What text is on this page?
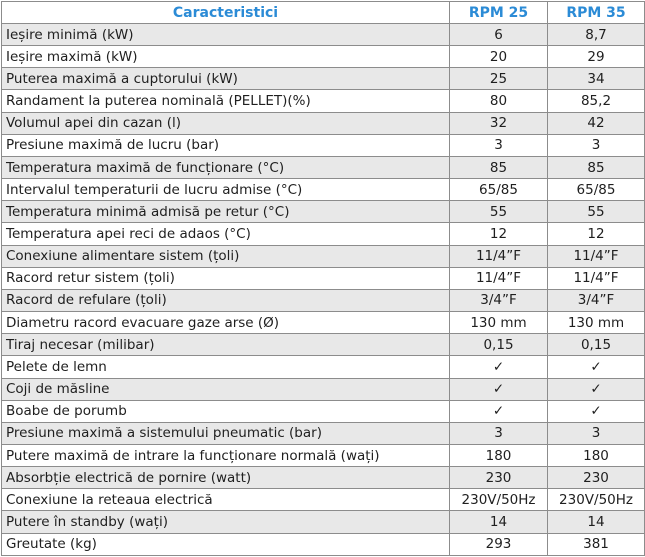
Caracteristici	RPM 25	RPM 35
Ieșire minimă (kW)	6	8,7
Ieșire maximă (kW)	20	29
Puterea maximă a cuptorului (kW)	25	34
Randament la puterea nominală (PELLET)(%)	80	85,2
Volumul apei din cazan (l)	32	42
Presiune maximă de lucru (bar)	3	3
Temperatura maximă de funcționare (°C)	85	85
Intervalul temperaturii de lucru admise (°C)	65/85	65/85
Temperatura minimă admisă pe retur (°C)	55	55
Temperatura apei reci de adaos (°C)	12	12
Conexiune alimentare sistem (țoli)	11/4”F	11/4”F
Racord retur sistem (țoli)	11/4”F	11/4”F
Racord de refulare (țoli)	3/4”F	3/4”F
Diametru racord evacuare gaze arse (Ø)	130 mm	130 mm
Tiraj necesar (milibar)	0,15	0,15
Pelete de lemn	✓	✓
Coji de măsline	✓	✓
Boabe de porumb	✓	✓
Presiune maximă a sistemului pneumatic (bar)	3	3
Putere maximă de intrare la funcționare normală (wați)	180	180
Absorbție electrică de pornire (watt)	230	230
Conexiune la reteaua electrică	230V/50Hz	230V/50Hz
Putere în standby (wați)	14	14
Greutate (kg)	293	381
